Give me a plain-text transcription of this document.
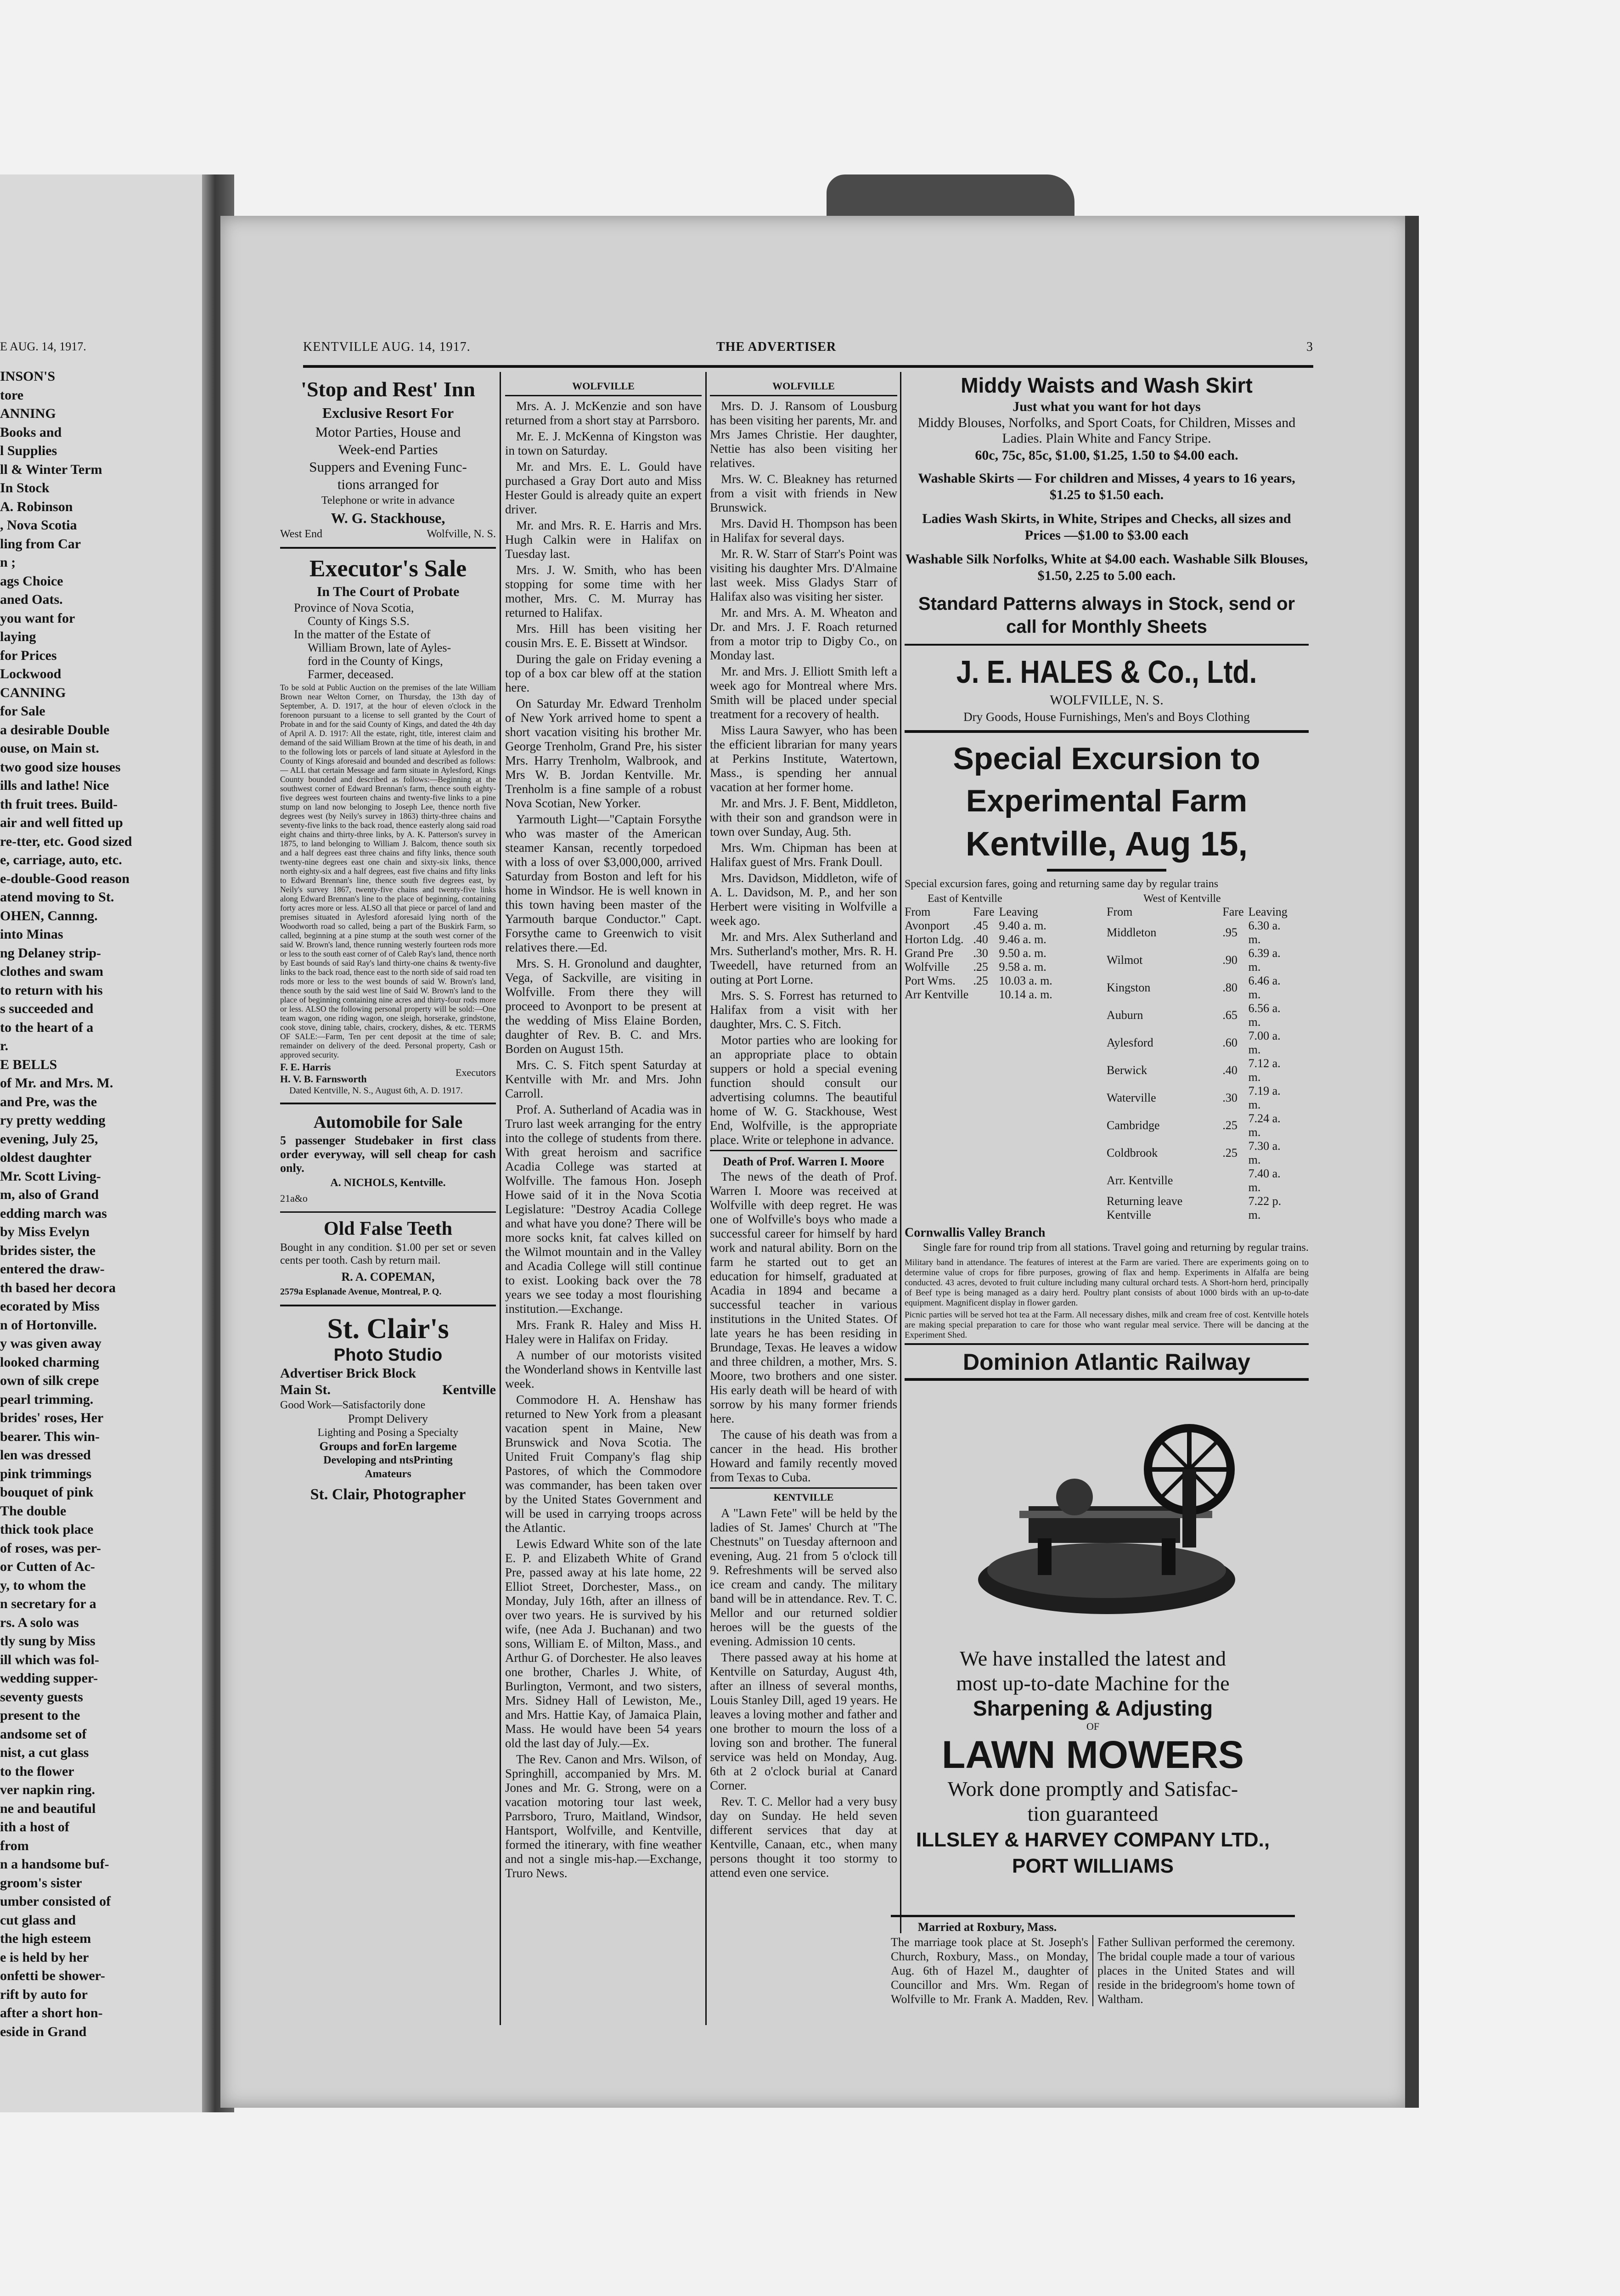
E AUG. 14, 1917.
INSON'S
tore
ANNING
Books and
l Supplies
ll & Winter Term
In Stock
A. Robinson
, Nova Scotia
ling from Car
n ;
ags Choice
aned Oats.
you want for
laying
for Prices
Lockwood
CANNING
for Sale
a desirable Double
ouse, on Main st.
two good size houses
ills and lathe! Nice
th fruit trees. Build-
air and well fitted up
re-tter, etc. Good sized
e, carriage, auto, etc.
e-double-Good reason
atend moving to St.
OHEN, Cannng.
into Minas
ng Delaney strip-
clothes and swam
to return with his
s succeeded and
to the heart of a
r.
E BELLS
of Mr. and Mrs. M.
and Pre, was the
ry pretty wedding
evening, July 25,
oldest daughter
Mr. Scott Living-
m, also of Grand
edding march was
by Miss Evelyn
brides sister, the
entered the draw-
th based her decora
ecorated by Miss
n of Hortonville.
y was given away
looked charming
own of silk crepe
pearl trimming.
brides' roses, Her
bearer. This win-
len was dressed
pink trimmings
bouquet of pink
The double
thick took place
of roses, was per-
or Cutten of Ac-
y, to whom the
n secretary for a
rs. A solo was
tly sung by Miss
ill which was fol-
wedding supper-
seventy guests
present to the
andsome set of
nist, a cut glass
to the flower
ver napkin ring.
ne and beautiful
ith a host of
from
n a handsome buf-
groom's sister
umber consisted of
cut glass and
the high esteem
e is held by her
onfetti be shower-
rift by auto for
after a short hon-
eside in Grand
KENTVILLE AUG. 14, 1917.	THE ADVERTISER	3
'Stop and Rest' Inn
Exclusive Resort For
Motor Parties, House and
Week-end Parties
Suppers and Evening Func-
tions arranged for
Telephone or write in advance
W. G. Stackhouse,
West End	Wolfville, N. S.
Executor's Sale
In The Court of Probate
Province of Nova Scotia,
County of Kings S.S.
In the matter of the Estate of
William Brown, late of Ayles-
ford in the County of Kings,
Farmer, deceased.

To be sold at Public Auction on the premises of the late William Brown near Welton Corner, on Thursday, the 13th day of September, A. D. 1917, at the hour of eleven o'clock in the forenoon pursuant to a license to sell granted by the Court of Probate in and for the said County of Kings, and dated the 4th day of April A. D. 1917: All the estate, right, title, interest claim and demand of the said William Brown at the time of his death, in and to the following lots or parcels of land situate at Aylesford in the County of Kings aforesaid and bounded and described as follows:— ALL that certain Message and farm situate in Aylesford, Kings County bounded and described as follows:—Beginning at the southwest corner of Edward Brennan's farm, thence south eighty-five degrees west fourteen chains and twenty-five links to a pine stump on land now belonging to Joseph Lee, thence north five degrees west (by Neily's survey in 1863) thirty-three chains and seventy-five links to the back road, thence easterly along said road eight chains and thirty-three links, by A. K. Patterson's survey in 1875, to land belonging to William J. Balcom, thence south six and a half degrees east three chains and fifty links, thence south twenty-nine degrees east one chain and sixty-six links, thence north eighty-six and a half degrees, east five chains and fifty links to Edward Brennan's line, thence south five degrees east, by Neily's survey 1867, twenty-five chains and twenty-five links along Edward Brennan's line to the place of beginning, containing forty acres more or less. ALSO all that piece or parcel of land and premises situated in Aylesford aforesaid lying north of the Woodworth road so called, being a part of the Buskirk Farm, so called, beginning at a pine stump at the south west corner of the said W. Brown's land, thence running westerly fourteen rods more or less to the south east corner of of Caleb Ray's land, thence north by East bounds of said Ray's land thirty-one chains & twenty-five links to the back road, thence east to the north side of said road ten rods more or less to the west bounds of said W. Brown's land, thence south by the said west line of Said W. Brown's land to the place of beginning containing nine acres and thirty-four rods more or less. ALSO the following personal property will be sold:—One team wagon, one riding wagon, one sleigh, horserake, grindstone, cook stove, dining table, chairs, crockery, dishes, & etc. TERMS OF SALE:—Farm, Ten per cent deposit at the time of sale; remainder on delivery of the deed. Personal property, Cash or approved security.

F. E. Harris
H. V. B. Farnsworth
Executors
Dated Kentville, N. S., August 6th, A. D. 1917.
Automobile for Sale

5 passenger Studebaker in first class order everyway, will sell cheap for cash only.

A. NICHOLS, Kentville.
21a&o
Old False Teeth

Bought in any condition. $1.00 per set or seven cents per tooth. Cash by return mail.

R. A. COPEMAN,
2579a Esplanade Avenue, Montreal, P. Q.
St. Clair's
Photo Studio
Advertiser Brick Block
Main St.	Kentville
Good Work—Satisfactorily done
Prompt Delivery
Lighting and Posing a Specialty
Groups and forEn largeme
Developing and ntsPrinting
Amateurs
St. Clair, Photographer
WOLFVILLE

Mrs. A. J. McKenzie and son have returned from a short stay at Parrsboro.

Mr. E. J. McKenna of Kingston was in town on Saturday.

Mr. and Mrs. E. L. Gould have purchased a Gray Dort auto and Miss Hester Gould is already quite an expert driver.

Mr. and Mrs. R. E. Harris and Mrs. Hugh Calkin were in Halifax on Tuesday last.

Mrs. J. W. Smith, who has been stopping for some time with her mother, Mrs. C. M. Murray has returned to Halifax.

Mrs. Hill has been visiting her cousin Mrs. E. E. Bissett at Windsor.

During the gale on Friday evening a top of a box car blew off at the station here.

On Saturday Mr. Edward Trenholm of New York arrived home to spent a short vacation visiting his brother Mr. George Trenholm, Grand Pre, his sister Mrs. Harry Trenholm, Walbrook, and Mrs W. B. Jordan Kentville. Mr. Trenholm is a fine sample of a robust Nova Scotian, New Yorker.

Yarmouth Light—"Captain Forsythe who was master of the American steamer Kansan, recently torpedoed with a loss of over $3,000,000, arrived Saturday from Boston and left for his home in Windsor. He is well known in this town having been master of the Yarmouth barque Conductor." Capt. Forsythe came to Greenwich to visit relatives there.—Ed.

Mrs. S. H. Gronolund and daughter, Vega, of Sackville, are visiting in Wolfville. From there they will proceed to Avonport to be present at the wedding of Miss Elaine Borden, daughter of Rev. B. C. and Mrs. Borden on August 15th.

Mrs. C. S. Fitch spent Saturday at Kentville with Mr. and Mrs. John Carroll.

Prof. A. Sutherland of Acadia was in Truro last week arranging for the entry into the college of students from there. With great heroism and sacrifice Acadia College was started at Wolfville. The famous Hon. Joseph Howe said of it in the Nova Scotia Legislature: "Destroy Acadia College and what have you done? There will be more socks knit, fat calves killed on the Wilmot mountain and in the Valley and Acadia College will still continue to exist. Looking back over the 78 years we see today a most flourishing institution.—Exchange.

Mrs. Frank R. Haley and Miss H. Haley were in Halifax on Friday.

A number of our motorists visited the Wonderland shows in Kentville last week.

Commodore H. A. Henshaw has returned to New York from a pleasant vacation spent in Maine, New Brunswick and Nova Scotia. The United Fruit Company's flag ship Pastores, of which the Commodore was commander, has been taken over by the United States Government and will be used in carrying troops across the Atlantic.

Lewis Edward White son of the late E. P. and Elizabeth White of Grand Pre, passed away at his late home, 22 Elliot Street, Dorchester, Mass., on Monday, July 16th, after an illness of over two years. He is survived by his wife, (nee Ada J. Buchanan) and two sons, William E. of Milton, Mass., and Arthur G. of Dorchester. He also leaves one brother, Charles J. White, of Burlington, Vermont, and two sisters, Mrs. Sidney Hall of Lewiston, Me., and Mrs. Hattie Kay, of Jamaica Plain, Mass. He would have been 54 years old the last day of July.—Ex.

The Rev. Canon and Mrs. Wilson, of Springhill, accompanied by Mrs. M. Jones and Mr. G. Strong, were on a vacation motoring tour last week, Parrsboro, Truro, Maitland, Windsor, Hantsport, Wolfville, and Kentville, formed the itinerary, with fine weather and not a single mis-hap.—Exchange, Truro News.

WOLFVILLE

Mrs. D. J. Ransom of Lousburg has been visiting her parents, Mr. and Mrs James Christie. Her daughter, Nettie has also been visiting her relatives.

Mrs. W. C. Bleakney has returned from a visit with friends in New Brunswick.

Mrs. David H. Thompson has been in Halifax for several days.

Mr. R. W. Starr of Starr's Point was visiting his daughter Mrs. D'Almaine last week. Miss Gladys Starr of Halifax also was visiting her sister.

Mr. and Mrs. A. M. Wheaton and Dr. and Mrs. J. F. Roach returned from a motor trip to Digby Co., on Monday last.

Mr. and Mrs. J. Elliott Smith left a week ago for Montreal where Mrs. Smith will be placed under special treatment for a recovery of health.

Miss Laura Sawyer, who has been the efficient librarian for many years at Perkins Institute, Watertown, Mass., is spending her annual vacation at her former home.

Mr. and Mrs. J. F. Bent, Middleton, with their son and grandson were in town over Sunday, Aug. 5th.

Mrs. Wm. Chipman has been at Halifax guest of Mrs. Frank Doull.

Mrs. Davidson, Middleton, wife of A. L. Davidson, M. P., and her son Herbert were visiting in Wolfville a week ago.

Mr. and Mrs. Alex Sutherland and Mrs. Sutherland's mother, Mrs. R. H. Tweedell, have returned from an outing at Port Lorne.

Mrs. S. S. Forrest has returned to Halifax from a visit with her daughter, Mrs. C. S. Fitch.

Motor parties who are looking for an appropriate place to obtain suppers or hold a special evening function should consult our advertising columns. The beautiful home of W. G. Stackhouse, West End, Wolfville, is the appropriate place. Write or telephone in advance.

Death of Prof. Warren I. Moore

The news of the death of Prof. Warren I. Moore was received at Wolfville with deep regret. He was one of Wolfville's boys who made a successful career for himself by hard work and natural ability. Born on the farm he started out to get an education for himself, graduated at Acadia in 1894 and became a successful teacher in various institutions in the United States. Of late years he has been residing in Brundage, Texas. He leaves a widow and three children, a mother, Mrs. S. Moore, two brothers and one sister. His early death will be heard of with sorrow by his many former friends here.

The cause of his death was from a cancer in the head. His brother Howard and family recently moved from Texas to Cuba.

KENTVILLE

A "Lawn Fete" will be held by the ladies of St. James' Church at "The Chestnuts" on Tuesday afternoon and evening, Aug. 21 from 5 o'clock till 9. Refreshments will be served also ice cream and candy. The military band will be in attendance. Rev. T. C. Mellor and our returned soldier heroes will be the guests of the evening. Admission 10 cents.

There passed away at his home at Kentville on Saturday, August 4th, after an illness of several months, Louis Stanley Dill, aged 19 years. He leaves a loving mother and father and one brother to mourn the loss of a loving son and brother. The funeral service was held on Monday, Aug. 6th at 2 o'clock burial at Canard Corner.

Rev. T. C. Mellor had a very busy day on Sunday. He held seven different services that day at Kentville, Canaan, etc., when many persons thought it too stormy to attend even one service.

Middy Waists and Wash Skirt
Just what you want for hot days
Middy Blouses, Norfolks, and Sport Coats, for Children, Misses and Ladies. Plain White and Fancy Stripe.
60c, 75c, 85c, $1.00, $1.25, 1.50 to $4.00 each.
Washable Skirts — For children and Misses, 4 years to 16 years, $1.25 to $1.50 each.
Ladies Wash Skirts, in White, Stripes and Checks, all sizes and Prices —$1.00 to $3.00 each
Washable Silk Norfolks, White at $4.00 each. Washable Silk Blouses, $1.50, 2.25 to 5.00 each.
Standard Patterns always in Stock, send or call for Monthly Sheets
J. E. HALES & Co., Ltd.
WOLFVILLE, N. S.
Dry Goods, House Furnishings, Men's and Boys Clothing
Special Excursion to
Experimental Farm
Kentville, Aug 15,
Special excursion fares, going and returning same day by regular trains
East of Kentville
From	Fare	Leaving
Avonport	.45	9.40 a. m.
Horton Ldg.	.40	9.46 a. m.
Grand Pre	.30	9.50 a. m.
Wolfville	.25	9.58 a. m.
Port Wms.	.25	10.03 a. m.
Arr Kentville		10.14 a. m.
West of Kentville
From	Fare	Leaving
Middleton	.95	6.30 a. m.
Wilmot	.90	6.39 a. m.
Kingston	.80	6.46 a. m.
Auburn	.65	6.56 a. m.
Aylesford	.60	7.00 a. m.
Berwick	.40	7.12 a. m.
Waterville	.30	7.19 a. m.
Cambridge	.25	7.24 a. m.
Coldbrook	.25	7.30 a. m.
Arr. Kentville		7.40 a. m.
Returning leave Kentville		7.22 p. m.
Cornwallis Valley Branch
Single fare for round trip from all stations. Travel going and returning by regular trains.

Military band in attendance. The features of interest at the Farm are varied. There are experiments going on to determine value of crops for fibre purposes, growing of flax and hemp. Experiments in Alfalfa are being conducted. 43 acres, devoted to fruit culture including many cultural orchard tests. A Short-horn herd, principally of Beef type is being managed as a dairy herd. Poultry plant consists of about 1000 birds with an up-to-date equipment. Magnificent display in flower garden.

Picnic parties will be served hot tea at the Farm. All necessary dishes, milk and cream free of cost. Kentville hotels are making special preparation to care for those who want regular meal service. There will be dancing at the Experiment Shed.

Dominion Atlantic Railway
We have installed the latest and
most up-to-date Machine for the
Sharpening & Adjusting
OF
LAWN MOWERS
Work done promptly and Satisfac-
tion guaranteed
ILLSLEY & HARVEY COMPANY LTD.,
PORT WILLIAMS
Married at Roxbury, Mass.

The marriage took place at St. Joseph's Church, Roxbury, Mass., on Monday, Aug. 6th of Hazel M., daughter of Councillor and Mrs. Wm. Regan of Wolfville to Mr. Frank A. Madden, Rev. Father Sullivan performed the ceremony. The bridal couple made a tour of various places in the United States and will reside in the bridegroom's home town of Waltham.
